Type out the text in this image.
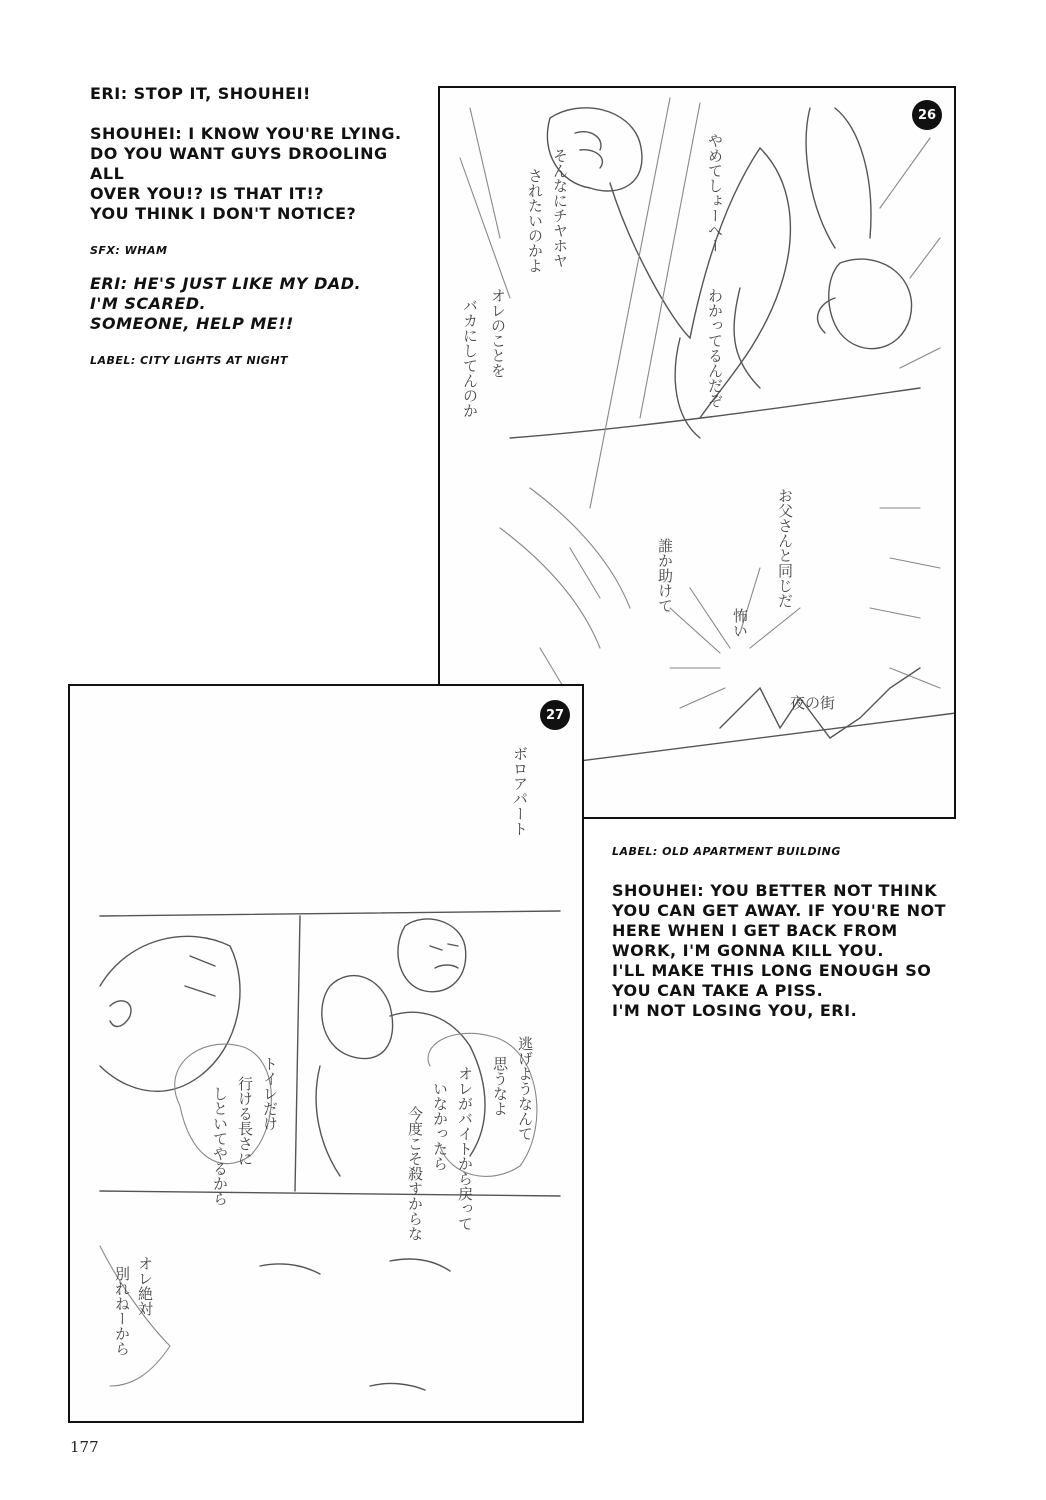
ERI: STOP IT, SHOUHEI!

SHOUHEI: I KNOW YOU'RE LYING.
DO YOU WANT GUYS DROOLING ALL
OVER YOU!? IS THAT IT!?
YOU THINK I DON'T NOTICE?

SFX: WHAM

ERI: HE'S JUST LIKE MY DAD.
I'M SCARED.
SOMEONE, HELP ME!!

LABEL: CITY LIGHTS AT NIGHT

LABEL: OLD APARTMENT BUILDING

SHOUHEI: YOU BETTER NOT THINK
YOU CAN GET AWAY. IF YOU'RE NOT
HERE WHEN I GET BACK FROM
WORK, I'M GONNA KILL YOU.
I'LL MAKE THIS LONG ENOUGH SO
YOU CAN TAKE A PISS.
I'M NOT LOSING YOU, ERI.

やめてしょーへー
そんなにチヤホヤ
されたいのかよ
オレのことを
バカにしてんのか	わかってるんだぞ
お父さんと同じだ
誰か助けて
怖い
夜の街
26
ボロアパート
逃げようなんて
思うなよ
オレがバイトから戻って
いなかったら
今度こそ殺すからな
トイレだけ
行ける長さに
しといてやるから
オレ絶対
別れねーから
27
177
